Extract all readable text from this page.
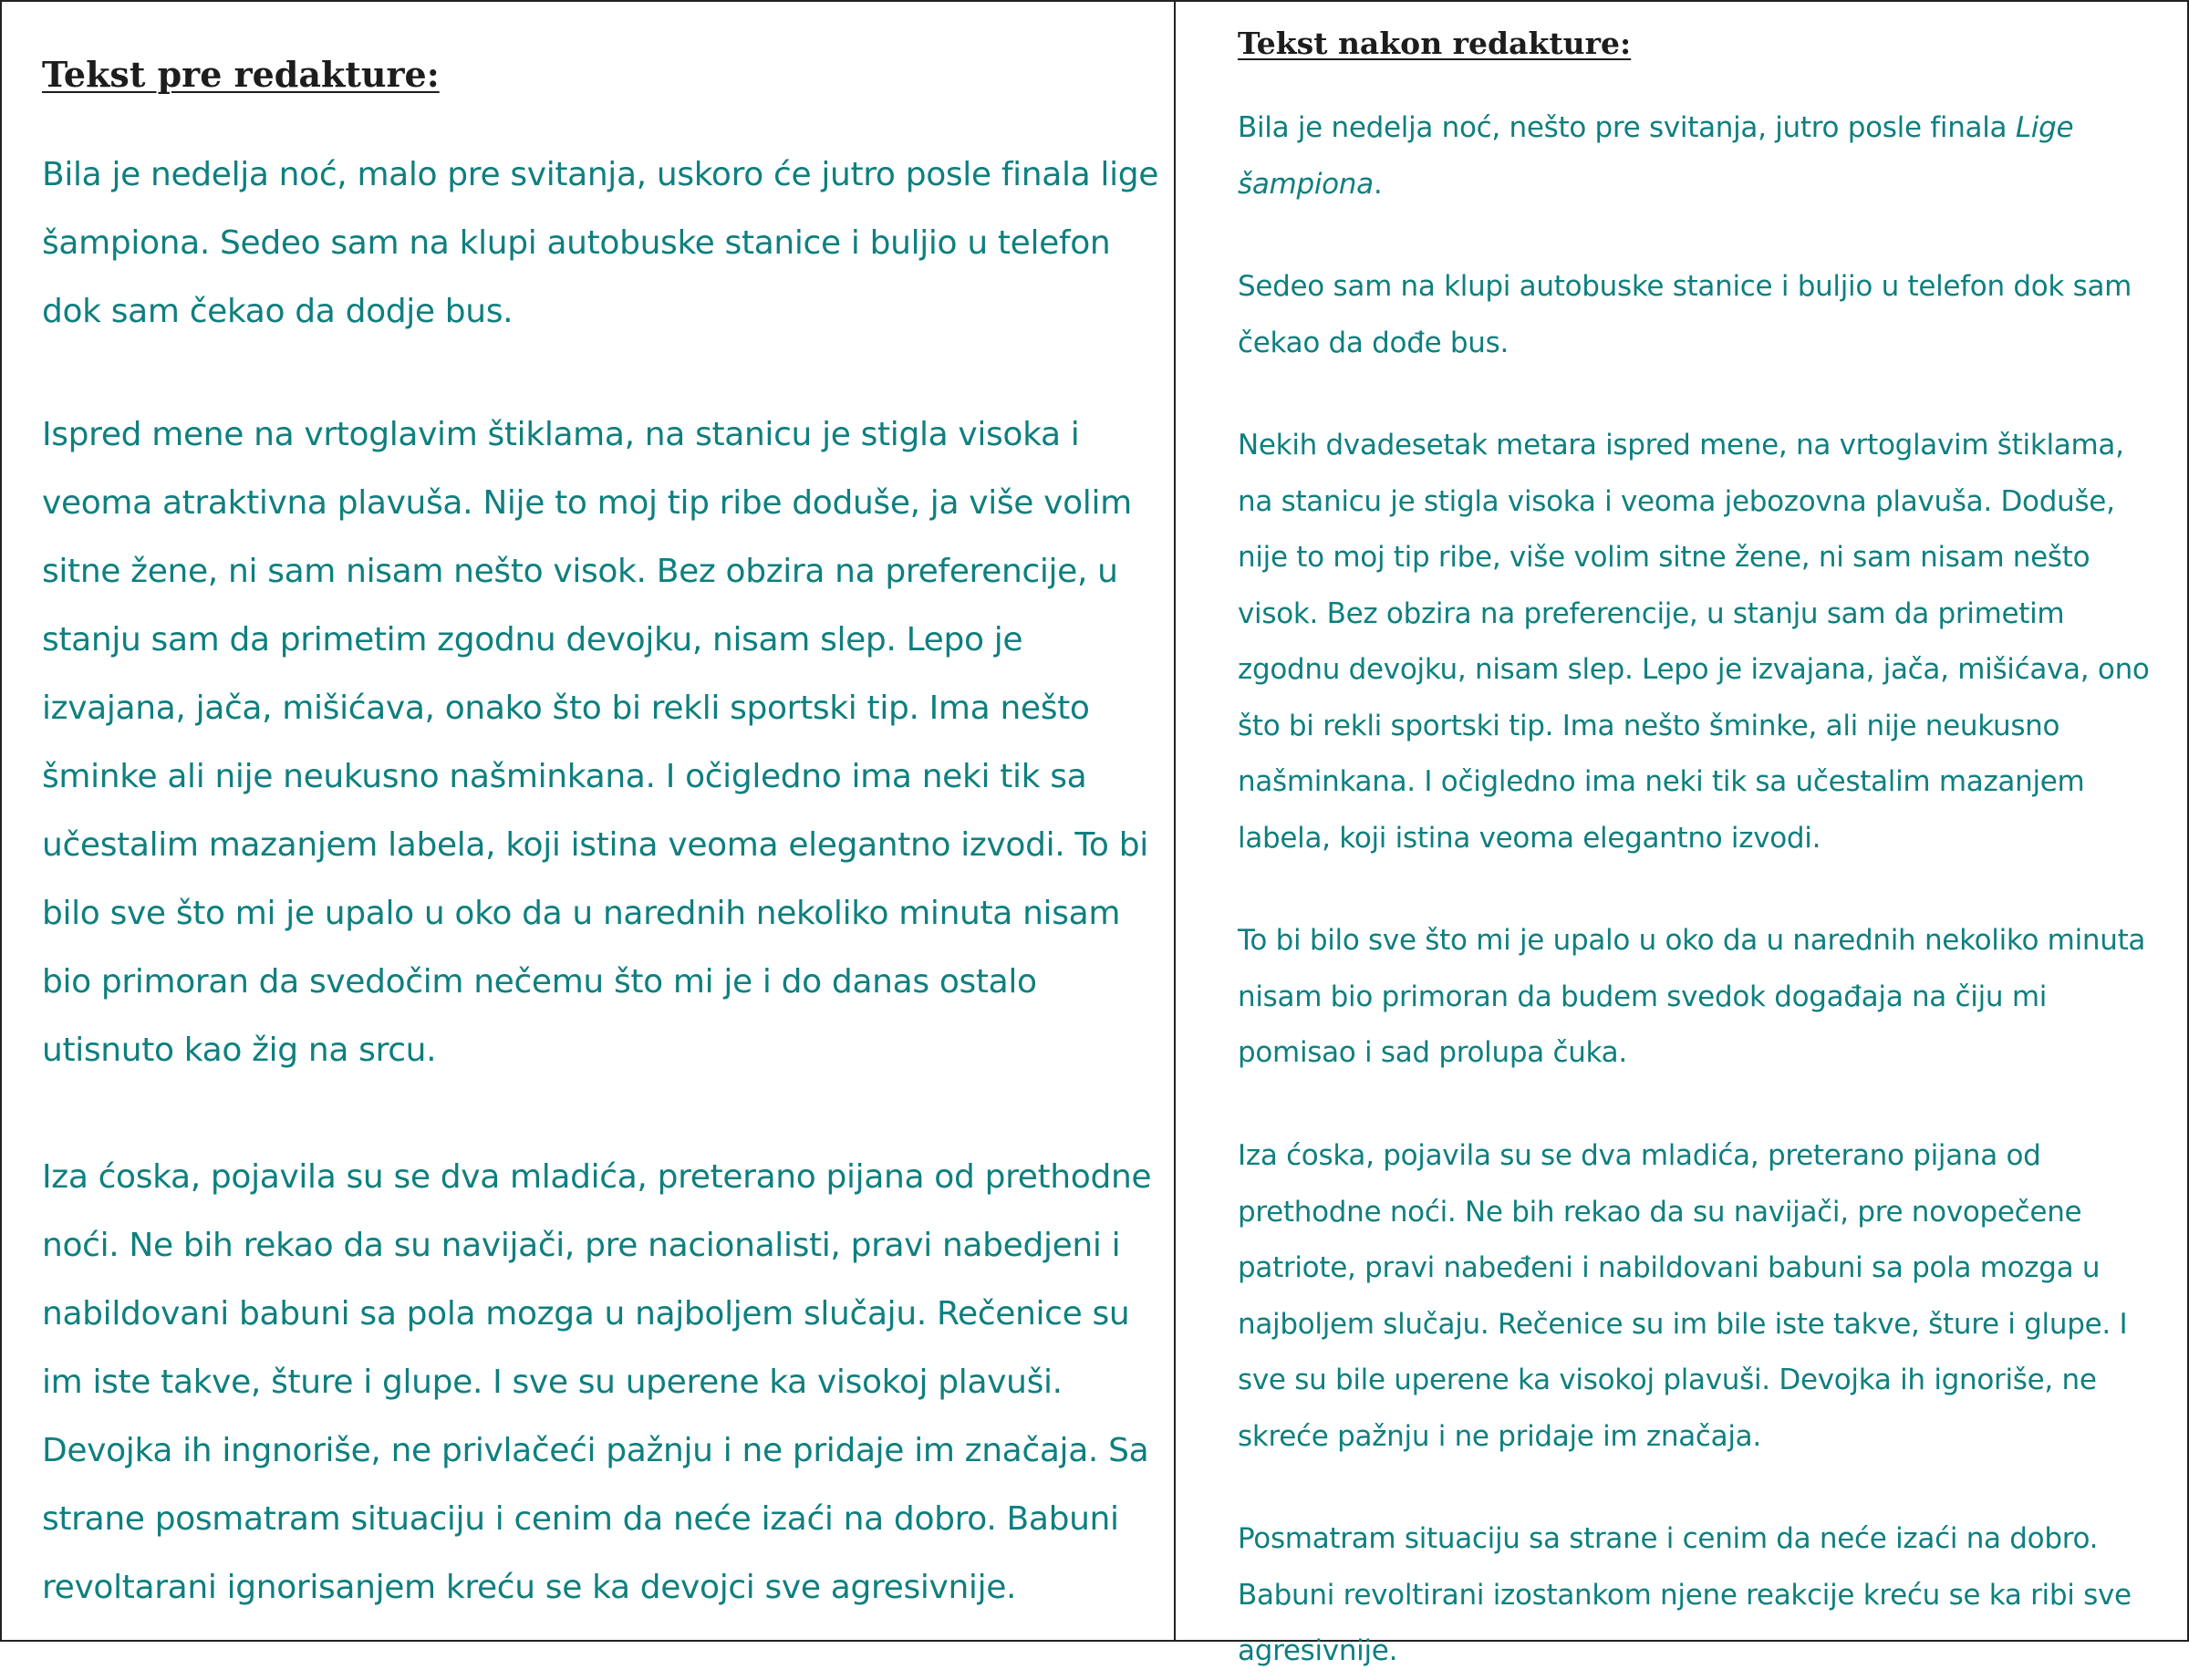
Tekst pre redakture:

Bila je nedelja noć, malo pre svitanja, uskoro će jutro posle finala lige šampiona. Sedeo sam na klupi autobuske stanice i buljio u telefon dok sam čekao da dodje bus.

Ispred mene na vrtoglavim štiklama, na stanicu je stigla visoka i veoma atraktivna plavuša. Nije to moj tip ribe doduše, ja više volim sitne žene, ni sam nisam nešto visok. Bez obzira na preferencije, u stanju sam da primetim zgodnu devojku, nisam slep. Lepo je izvajana, jača, mišićava, onako što bi rekli sportski tip. Ima nešto šminke ali nije neukusno našminkana. I očigledno ima neki tik sa učestalim mazanjem labela, koji istina veoma elegantno izvodi. To bi bilo sve što mi je upalo u oko da u narednih nekoliko minuta nisam bio primoran da svedočim nečemu što mi je i do danas ostalo utisnuto kao žig na srcu.

Iza ćoska, pojavila su se dva mladića, preterano pijana od prethodne noći. Ne bih rekao da su navijači, pre nacionalisti, pravi nabedjeni i nabildovani babuni sa pola mozga u najboljem slučaju. Rečenice su im iste takve, šture i glupe. I sve su uperene ka visokoj plavuši. Devojka ih ingnoriše, ne privlačeći pažnju i ne pridaje im značaja. Sa strane posmatram situaciju i cenim da neće izaći na dobro. Babuni revoltarani ignorisanjem kreću se ka devojci sve agresivnije.

Tekst nakon redakture:

Bila je nedelja noć, nešto pre svitanja, jutro posle finala Lige šampiona.

Sedeo sam na klupi autobuske stanice i buljio u telefon dok sam čekao da dođe bus.

Nekih dvadesetak metara ispred mene, na vrtoglavim štiklama, na stanicu je stigla visoka i veoma jebozovna plavuša. Doduše, nije to moj tip ribe, više volim sitne žene, ni sam nisam nešto visok. Bez obzira na preferencije, u stanju sam da primetim zgodnu devojku, nisam slep. Lepo je izvajana, jača, mišićava, ono što bi rekli sportski tip. Ima nešto šminke, ali nije neukusno našminkana. I očigledno ima neki tik sa učestalim mazanjem labela, koji istina veoma elegantno izvodi.

To bi bilo sve što mi je upalo u oko da u narednih nekoliko minuta nisam bio primoran da budem svedok događaja na čiju mi pomisao i sad prolupa čuka.

Iza ćoska, pojavila su se dva mladića, preterano pijana od prethodne noći. Ne bih rekao da su navijači, pre novopečene patriote, pravi nabeđeni i nabildovani babuni sa pola mozga u najboljem slučaju. Rečenice su im bile iste takve, šture i glupe. I sve su bile uperene ka visokoj plavuši. Devojka ih ignoriše, ne skreće pažnju i ne pridaje im značaja.

Posmatram situaciju sa strane i cenim da neće izaći na dobro. Babuni revoltirani izostankom njene reakcije kreću se ka ribi sve agresivnije.
